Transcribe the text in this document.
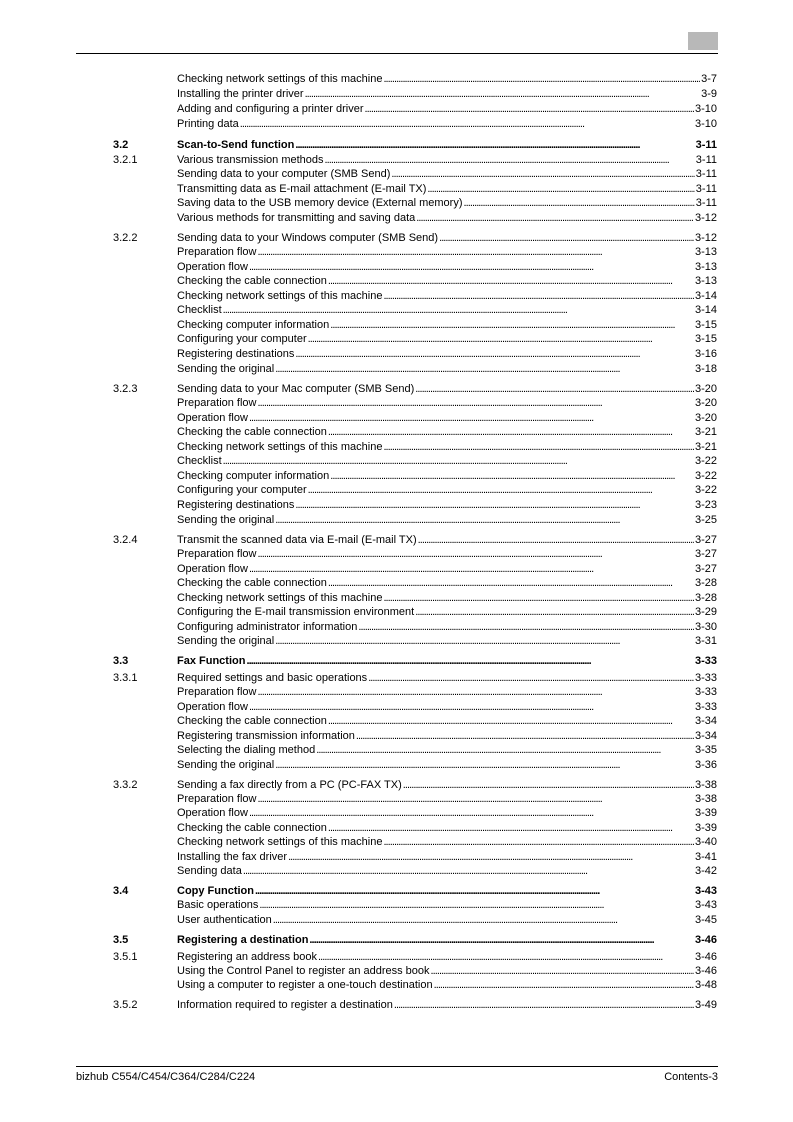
Checking network settings of this machine . . .	3-7
Installing the printer driver . . .	3-9
Adding and configuring a printer driver . . .	3-10
Printing data . . .	3-10
3.2	Scan-to-Send function . . .	3-11
3.2.1	Various transmission methods . . .	3-11
Sending data to your computer (SMB Send) . . .	3-11
Transmitting data as E-mail attachment (E-mail TX) . . .	3-11
Saving data to the USB memory device (External memory) . . .	3-11
Various methods for transmitting and saving data . . .	3-12
3.2.2	Sending data to your Windows computer (SMB Send) . . .	3-12
Preparation flow . . .	3-13
Operation flow . . .	3-13
Checking the cable connection . . .	3-13
Checking network settings of this machine . . .	3-14
Checklist . . .	3-14
Checking computer information . . .	3-15
Configuring your computer . . .	3-15
Registering destinations . . .	3-16
Sending the original . . .	3-18
3.2.3	Sending data to your Mac computer (SMB Send) . . .	3-20
Preparation flow . . .	3-20
Operation flow . . .	3-20
Checking the cable connection . . .	3-21
Checking network settings of this machine . . .	3-21
Checklist . . .	3-22
Checking computer information . . .	3-22
Configuring your computer . . .	3-22
Registering destinations . . .	3-23
Sending the original . . .	3-25
3.2.4	Transmit the scanned data via E-mail (E-mail TX) . . .	3-27
Preparation flow . . .	3-27
Operation flow . . .	3-27
Checking the cable connection . . .	3-28
Checking network settings of this machine . . .	3-28
Configuring the E-mail transmission environment . . .	3-29
Configuring administrator information . . .	3-30
Sending the original . . .	3-31
3.3	Fax Function . . .	3-33
3.3.1	Required settings and basic operations . . .	3-33
Preparation flow . . .	3-33
Operation flow . . .	3-33
Checking the cable connection . . .	3-34
Registering transmission information . . .	3-34
Selecting the dialing method . . .	3-35
Sending the original . . .	3-36
3.3.2	Sending a fax directly from a PC (PC-FAX TX) . . .	3-38
Preparation flow . . .	3-38
Operation flow . . .	3-39
Checking the cable connection . . .	3-39
Checking network settings of this machine . . .	3-40
Installing the fax driver . . .	3-41
Sending data . . .	3-42
3.4	Copy Function . . .	3-43
Basic operations . . .	3-43
User authentication . . .	3-45
3.5	Registering a destination . . .	3-46
3.5.1	Registering an address book . . .	3-46
Using the Control Panel to register an address book . . .	3-46
Using a computer to register a one-touch destination . . .	3-48
3.5.2	Information required to register a destination . . .	3-49
bizhub C554/C454/C364/C284/C224	Contents-3
